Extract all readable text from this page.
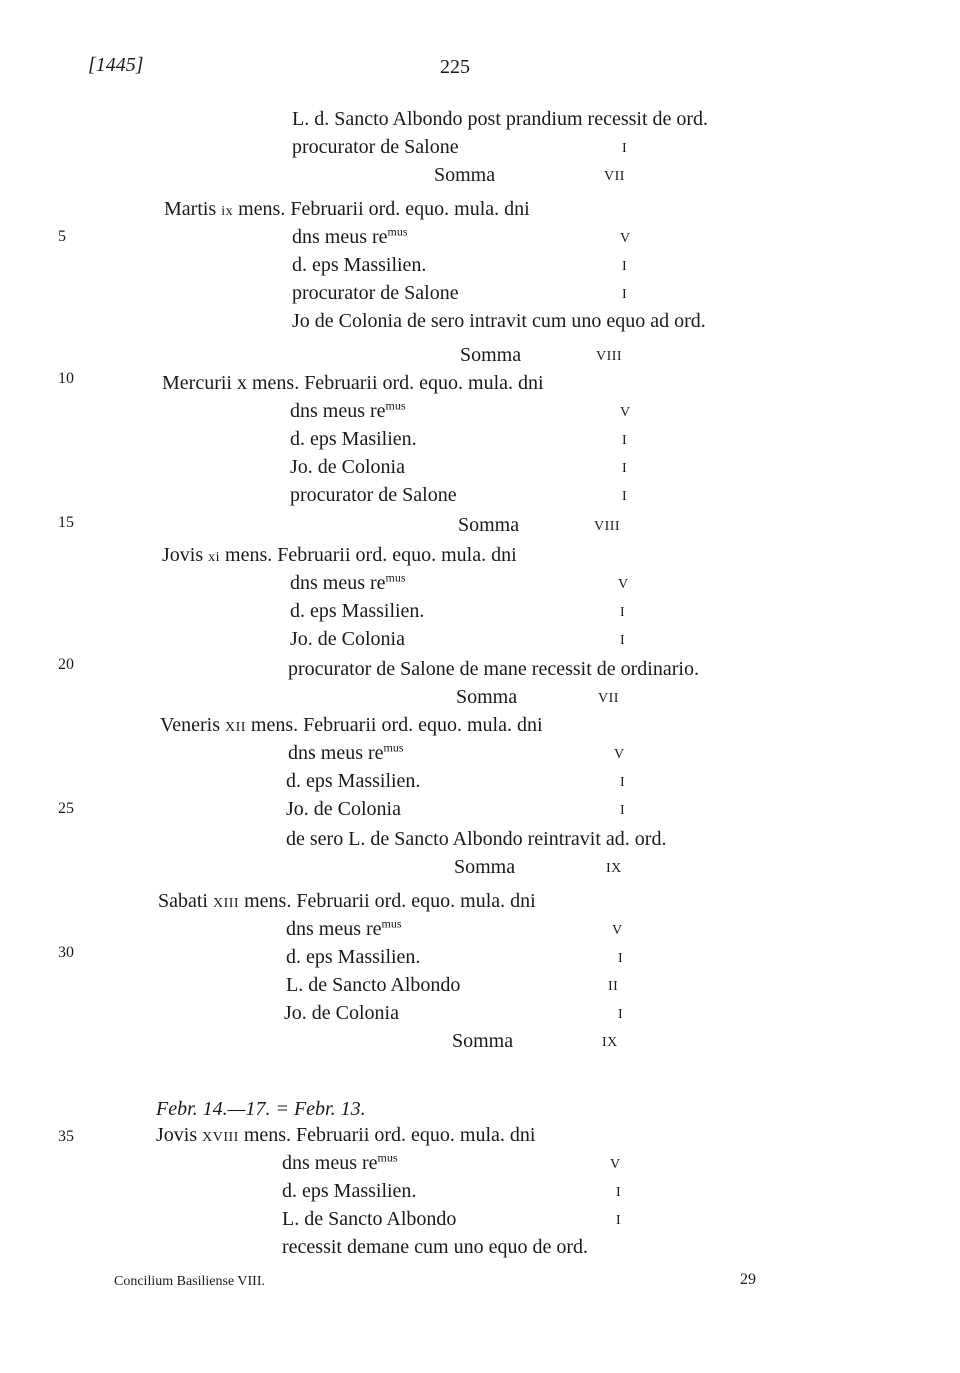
[1445]	225
5
10
15
20
25
30
35
L. d. Sancto Albondo post prandium recessit de ord.
procurator de Salone	I
Somma	VII
Martis ix mens. Februarii ord. equo. mula. dni
dns meus $re^{mus}$	V
d. eps Massilien.	I
procurator de Salone	I
Jo de Colonia de sero intravit cum uno equo ad ord.
Somma	VIII
Mercurii x mens. Februarii ord. equo. mula. dni
dns meus $re^{mus}$	V
d. eps Masilien.	I
Jo. de Colonia	I
procurator de Salone	I
Somma	VIII
Jovis xi mens. Februarii ord. equo. mula. dni
dns meus $re^{mus}$	V
d. eps Massilien.	I
Jo. de Colonia	I
procurator de Salone de mane recessit de ordinario.
Somma	VII
Veneris XII mens. Februarii ord. equo. mula. dni
dns meus $re^{mus}$	V
d. eps Massilien.	I
Jo. de Colonia	I
de sero L. de Sancto Albondo reintravit ad. ord.
Somma	IX
Sabati XIII mens. Februarii ord. equo. mula. dni
dns meus $re^{mus}$	V
d. eps Massilien.	I
L. de Sancto Albondo	II
Jo. de Colonia	I
Somma	IX
Febr. 14.—17. = Febr. 13.
Jovis XVIII mens. Februarii ord. equo. mula. dni
dns meus $re^{mus}$	V
d. eps Massilien.	I
L. de Sancto Albondo	I
recessit demane cum uno equo de ord.
Concilium Basiliense VIII.	29
